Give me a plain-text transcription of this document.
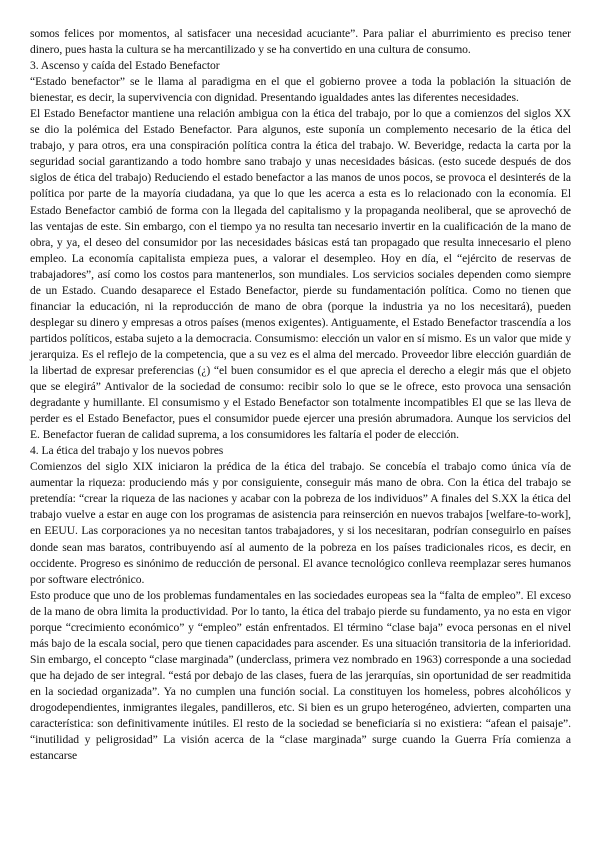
somos felices por momentos, al satisfacer una necesidad acuciante”. Para paliar el aburrimiento es preciso tener dinero, pues hasta la cultura se ha mercantilizado y se ha convertido en una cultura de consumo.

3. Ascenso y caída del Estado Benefactor

“Estado benefactor” se le llama al paradigma en el que el gobierno provee a toda la población la situación de bienestar, es decir, la supervivencia con dignidad. Presentando igualdades antes las diferentes necesidades.

El Estado Benefactor mantiene una relación ambigua con la ética del trabajo, por lo que a comienzos del siglos XX se dio la polémica del Estado Benefactor. Para algunos, este suponía un complemento necesario de la ética del trabajo, y para otros, era una conspiración política contra la ética del trabajo. W. Beveridge, redacta la carta por la seguridad social garantizando a todo hombre sano trabajo y unas necesidades básicas. (esto sucede después de dos siglos de ética del trabajo) Reduciendo el estado benefactor a las manos de unos pocos, se provoca el desinterés de la política por parte de la mayoría ciudadana, ya que lo que les acerca a esta es lo relacionado con la economía. El Estado Benefactor cambió de forma con la llegada del capitalismo y la propaganda neoliberal, que se aprovechó de las ventajas de este. Sin embargo, con el tiempo ya no resulta tan necesario invertir en la cualificación de la mano de obra, y ya, el deseo del consumidor por las necesidades básicas está tan propagado que resulta innecesario el pleno empleo. La economía capitalista empieza pues, a valorar el desempleo. Hoy en día, el “ejército de reservas de trabajadores”, así como los costos para mantenerlos, son mundiales. Los servicios sociales dependen como siempre de un Estado. Cuando desaparece el Estado Benefactor, pierde su fundamentación política. Como no tienen que financiar la educación, ni la reproducción de mano de obra (porque la industria ya no los necesitará), pueden desplegar su dinero y empresas a otros países (menos exigentes). Antiguamente, el Estado Benefactor trascendía a los partidos políticos, estaba sujeto a la democracia. Consumismo: elección un valor en sí mismo. Es un valor que mide y jerarquiza. Es el reflejo de la competencia, que a su vez es el alma del mercado. Proveedor libre elección guardián de la libertad de expresar preferencias (¿) “el buen consumidor es el que aprecia el derecho a elegir más que el objeto que se elegirá” Antivalor de la sociedad de consumo: recibir solo lo que se le ofrece, esto provoca una sensación degradante y humillante. El consumismo y el Estado Benefactor son totalmente incompatibles El que se las lleva de perder es el Estado Benefactor, pues el consumidor puede ejercer una presión abrumadora. Aunque los servicios del E. Benefactor fueran de calidad suprema, a los consumidores les faltaría el poder de elección.

4. La ética del trabajo y los nuevos pobres

Comienzos del siglo XIX iniciaron la prédica de la ética del trabajo. Se concebía el trabajo como única vía de aumentar la riqueza: produciendo más y por consiguiente, conseguir más mano de obra. Con la ética del trabajo se pretendía: “crear la riqueza de las naciones y acabar con la pobreza de los individuos” A finales del S.XX la ética del trabajo vuelve a estar en auge con los programas de asistencia para reinserción en nuevos trabajos [welfare-to-work], en EEUU. Las corporaciones ya no necesitan tantos trabajadores, y si los necesitaran, podrían conseguirlo en países donde sean mas baratos, contribuyendo así al aumento de la pobreza en los países tradicionales ricos, es decir, en occidente. Progreso es sinónimo de reducción de personal. El avance tecnológico conlleva reemplazar seres humanos por software electrónico.

Esto produce que uno de los problemas fundamentales en las sociedades europeas sea la “falta de empleo”. El exceso de la mano de obra limita la productividad. Por lo tanto, la ética del trabajo pierde su fundamento, ya no esta en vigor porque “crecimiento económico” y “empleo” están enfrentados. El término “clase baja” evoca personas en el nivel más bajo de la escala social, pero que tienen capacidades para ascender. Es una situación transitoria de la inferioridad. Sin embargo, el concepto “clase marginada” (underclass, primera vez nombrado en 1963) corresponde a una sociedad que ha dejado de ser integral. “está por debajo de las clases, fuera de las jerarquías, sin oportunidad de ser readmitida en la sociedad organizada”. Ya no cumplen una función social. La constituyen los homeless, pobres alcohólicos y drogodependientes, inmigrantes ilegales, pandilleros, etc. Si bien es un grupo heterogéneo, advierten, comparten una característica: son definitivamente inútiles. El resto de la sociedad se beneficiaría si no existiera: “afean el paisaje”. “inutilidad y peligrosidad” La visión acerca de la “clase marginada” surge cuando la Guerra Fría comienza a estancarse
